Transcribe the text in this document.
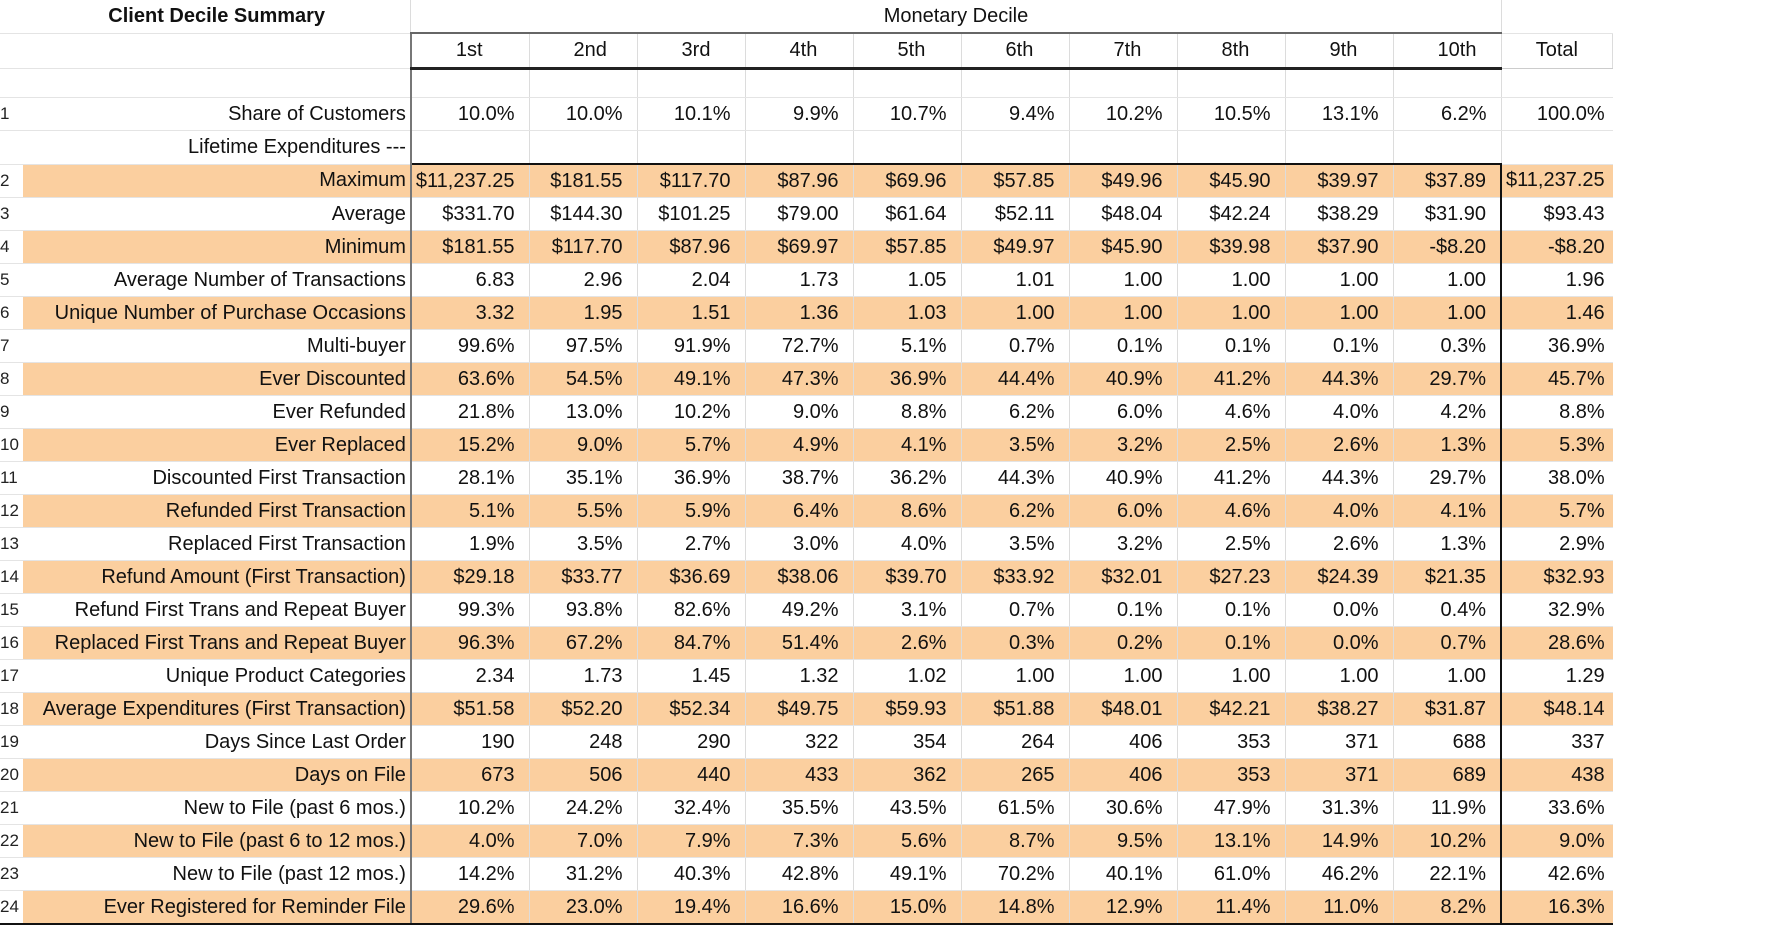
	Client Decile Summary	Monetary Decile										
		1st	2nd	3rd	4th	5th	6th	7th	8th	9th	10th	Total

1	Share of Customers	10.0%	10.0%	10.1%	9.9%	10.7%	9.4%	10.2%	10.5%	13.1%	6.2%	100.0%
	Lifetime Expenditures ---											
2	Maximum	$11,237.25	$181.55	$117.70	$87.96	$69.96	$57.85	$49.96	$45.90	$39.97	$37.89	$11,237.25
3	Average	$331.70	$144.30	$101.25	$79.00	$61.64	$52.11	$48.04	$42.24	$38.29	$31.90	$93.43
4	Minimum	$181.55	$117.70	$87.96	$69.97	$57.85	$49.97	$45.90	$39.98	$37.90	-$8.20	-$8.20
5	Average Number of Transactions	6.83	2.96	2.04	1.73	1.05	1.01	1.00	1.00	1.00	1.00	1.96
6	Unique Number of Purchase Occasions	3.32	1.95	1.51	1.36	1.03	1.00	1.00	1.00	1.00	1.00	1.46
7	Multi-buyer	99.6%	97.5%	91.9%	72.7%	5.1%	0.7%	0.1%	0.1%	0.1%	0.3%	36.9%
8	Ever Discounted	63.6%	54.5%	49.1%	47.3%	36.9%	44.4%	40.9%	41.2%	44.3%	29.7%	45.7%
9	Ever Refunded	21.8%	13.0%	10.2%	9.0%	8.8%	6.2%	6.0%	4.6%	4.0%	4.2%	8.8%
10	Ever Replaced	15.2%	9.0%	5.7%	4.9%	4.1%	3.5%	3.2%	2.5%	2.6%	1.3%	5.3%
11	Discounted First Transaction	28.1%	35.1%	36.9%	38.7%	36.2%	44.3%	40.9%	41.2%	44.3%	29.7%	38.0%
12	Refunded First Transaction	5.1%	5.5%	5.9%	6.4%	8.6%	6.2%	6.0%	4.6%	4.0%	4.1%	5.7%
13	Replaced First Transaction	1.9%	3.5%	2.7%	3.0%	4.0%	3.5%	3.2%	2.5%	2.6%	1.3%	2.9%
14	Refund Amount (First Transaction)	$29.18	$33.77	$36.69	$38.06	$39.70	$33.92	$32.01	$27.23	$24.39	$21.35	$32.93
15	Refund First Trans and Repeat Buyer	99.3%	93.8%	82.6%	49.2%	3.1%	0.7%	0.1%	0.1%	0.0%	0.4%	32.9%
16	Replaced First Trans and Repeat Buyer	96.3%	67.2%	84.7%	51.4%	2.6%	0.3%	0.2%	0.1%	0.0%	0.7%	28.6%
17	Unique Product Categories	2.34	1.73	1.45	1.32	1.02	1.00	1.00	1.00	1.00	1.00	1.29
18	Average Expenditures (First Transaction)	$51.58	$52.20	$52.34	$49.75	$59.93	$51.88	$48.01	$42.21	$38.27	$31.87	$48.14
19	Days Since Last Order	190	248	290	322	354	264	406	353	371	688	337
20	Days on File	673	506	440	433	362	265	406	353	371	689	438
21	New to File (past 6 mos.)	10.2%	24.2%	32.4%	35.5%	43.5%	61.5%	30.6%	47.9%	31.3%	11.9%	33.6%
22	New to File (past 6 to 12 mos.)	4.0%	7.0%	7.9%	7.3%	5.6%	8.7%	9.5%	13.1%	14.9%	10.2%	9.0%
23	New to File (past 12 mos.)	14.2%	31.2%	40.3%	42.8%	49.1%	70.2%	40.1%	61.0%	46.2%	22.1%	42.6%
24	Ever Registered for Reminder File	29.6%	23.0%	19.4%	16.6%	15.0%	14.8%	12.9%	11.4%	11.0%	8.2%	16.3%
